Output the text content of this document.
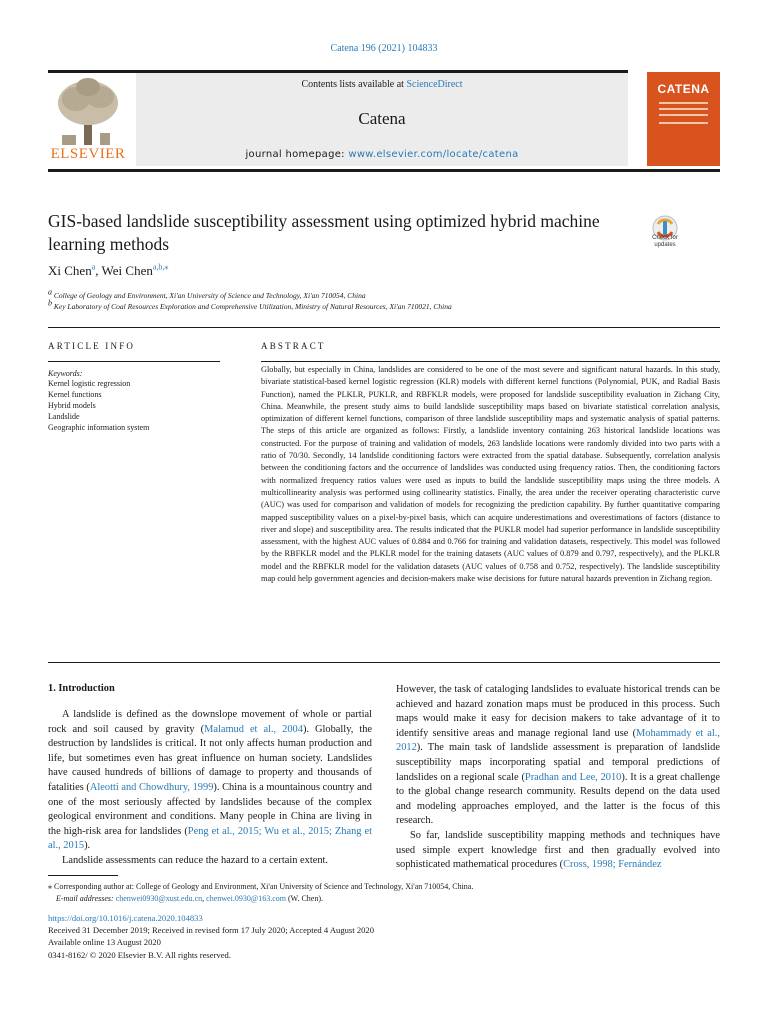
Catena 196 (2021) 104833
ELSEVIER
Contents lists available at ScienceDirect
Catena
journal homepage: www.elsevier.com/locate/catena
CATENA
GIS-based landslide susceptibility assessment using optimized hybrid machine learning methods	Check for
updates
Xi Chen$^a$, Wei Chen$^{a,b,⁎}$
a College of Geology and Environment, Xi'an University of Science and Technology, Xi'an 710054, China
b Key Laboratory of Coal Resources Exploration and Comprehensive Utilization, Ministry of Natural Resources, Xi'an 710021, China
ARTICLE INFO
Keywords:
Kernel logistic regression
Kernel functions
Hybrid models
Landslide
Geographic information system
ABSTRACT
Globally, but especially in China, landslides are considered to be one of the most severe and significant natural hazards. In this study, bivariate statistical-based kernel logistic regression (KLR) models with different kernel functions (Polynomial, PUK, and Radial Basis Function), named the PLKLR, PUKLR, and RBFKLR models, were proposed for landslide susceptibility evaluation in Zichang City, China. Meanwhile, the present study aims to build landslide susceptibility maps based on bivariate statistical correlation analysis, optimization of different kernel functions, comparison of three landslide susceptibility maps and systematic analysis of spatial patterns. The steps of this article are organized as follows: Firstly, a landslide inventory containing 263 historical landslide locations was constructed. For the purpose of training and validation of models, 263 landslide locations were randomly divided into two parts with a ratio of 70/30. Secondly, 14 landslide conditioning factors were extracted from the spatial database. Subsequently, correlation analysis between the conditioning factors and the occurrence of landslides was conducted using frequency ratios. Then, the conditioning factors with normalized frequency ratios values were used as inputs to build the landslide susceptibility maps using the three models. A multicollinearity analysis was performed using collinearity statistics. Finally, the area under the receiver operating characteristic curve (AUC) was used for comparison and validation of models for recognizing the prediction capability. By further quantitative comparing mapped susceptibility values on a pixel-by-pixel basis, which can acquire underestimations and overestimations of factors (distance to river and slope) and susceptibility area. The results indicated that the PUKLR model had superior performance in landslide susceptibility assessment, with the highest AUC values of 0.884 and 0.766 for training and validation datasets, respectively. This model was followed by the RBFKLR model and the PLKLR model for the training datasets (AUC values of 0.879 and 0.797, respectively), and the PLKLR model and the RBFKLR model for the validation datasets (AUC values of 0.758 and 0.752, respectively). The landslide susceptibility map could help government agencies and decision-makers make wise decisions for future natural hazards prevention in Zichang region.
1. Introduction

A landslide is defined as the downslope movement of whole or partial rock and soil caused by gravity (Malamud et al., 2004). Globally, the destruction by landslides is critical. It not only affects human production and life, but sometimes even has great influence on human society. Landslides have caused hundreds of billions of damage to property and thousands of fatalities (Aleotti and Chowdhury, 1999). China is a mountainous country and one of the most seriously affected by landslides because of the complex geological environment and conditions. Many people in China are living in the high-risk area for landslides (Peng et al., 2015; Wu et al., 2015; Zhang et al., 2015).

Landslide assessments can reduce the hazard to a certain extent.

However, the task of cataloging landslides to evaluate historical trends can be achieved and hazard zonation maps must be produced in this process. Such maps would make it easy for decision makers to take advantage of it to identify sensitive areas and manage regional land use (Mohammady et al., 2012). The main task of landslide assessment is preparation of landslide susceptibility maps incorporating spatial and temporal predictions of landslides on a regional scale (Pradhan and Lee, 2010). It is a great challenge to the global change research community. Results depend on the data used and modeling approaches employed, and the latter is the focus of this research.

So far, landslide susceptibility mapping methods and techniques have used simple expert knowledge first and then gradually evolved into sophisticated mathematical procedures (Cross, 1998; Fernández

⁎ Corresponding author at: College of Geology and Environment, Xi'an University of Science and Technology, Xi'an 710054, China.
E-mail addresses: chenwei0930@xust.edu.cn, chenwei.0930@163.com (W. Chen).
https://doi.org/10.1016/j.catena.2020.104833
Received 31 December 2019; Received in revised form 17 July 2020; Accepted 4 August 2020
Available online 13 August 2020
0341-8162/ © 2020 Elsevier B.V. All rights reserved.
